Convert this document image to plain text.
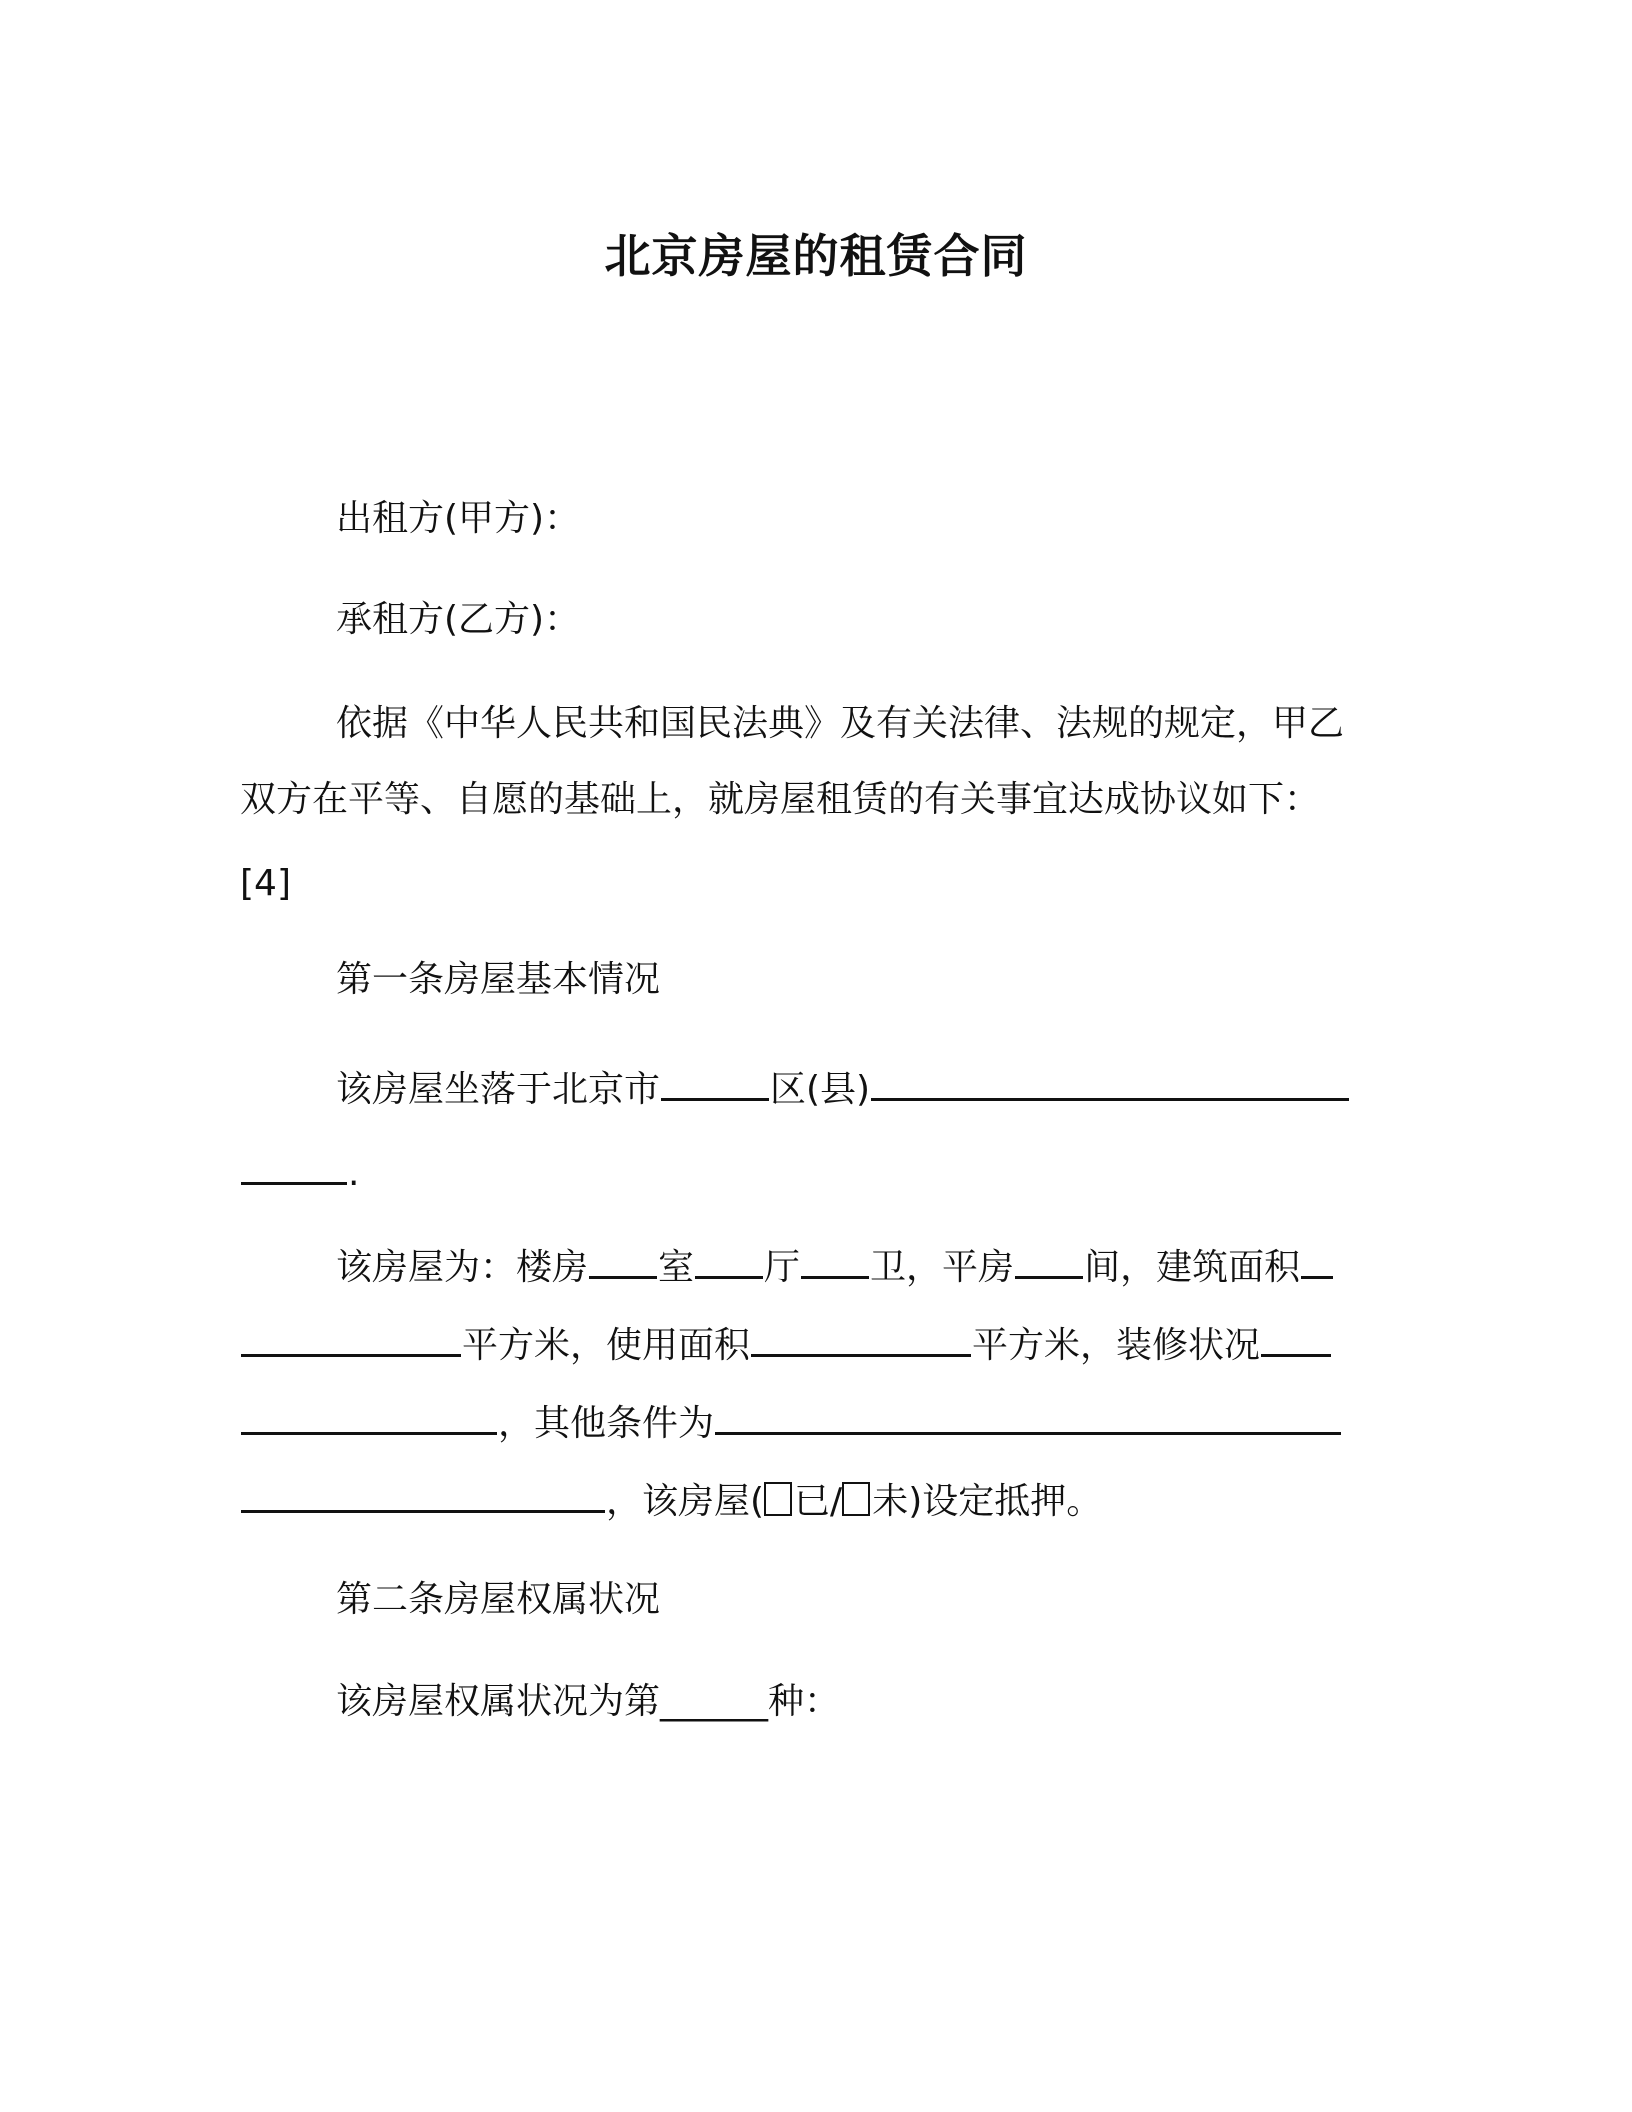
北京房屋的租赁合同
出租方(甲方)：
承租方(乙方)：
依据《中华人民共和国民法典》及有关法律、法规的规定，甲乙
双方在平等、自愿的基础上，就房屋租赁的有关事宜达成协议如下：
[4]
第一条房屋基本情况
该房屋坐落于北京市	区(县)
.
该房屋为：楼房 室 厅 卫，平房 间，建筑面积
平方米，使用面积	平方米，装修状况
，其他条件为
，该房屋( 已/ 未)设定抵押。
第二条房屋权属状况
该房屋权属状况为第______种：
